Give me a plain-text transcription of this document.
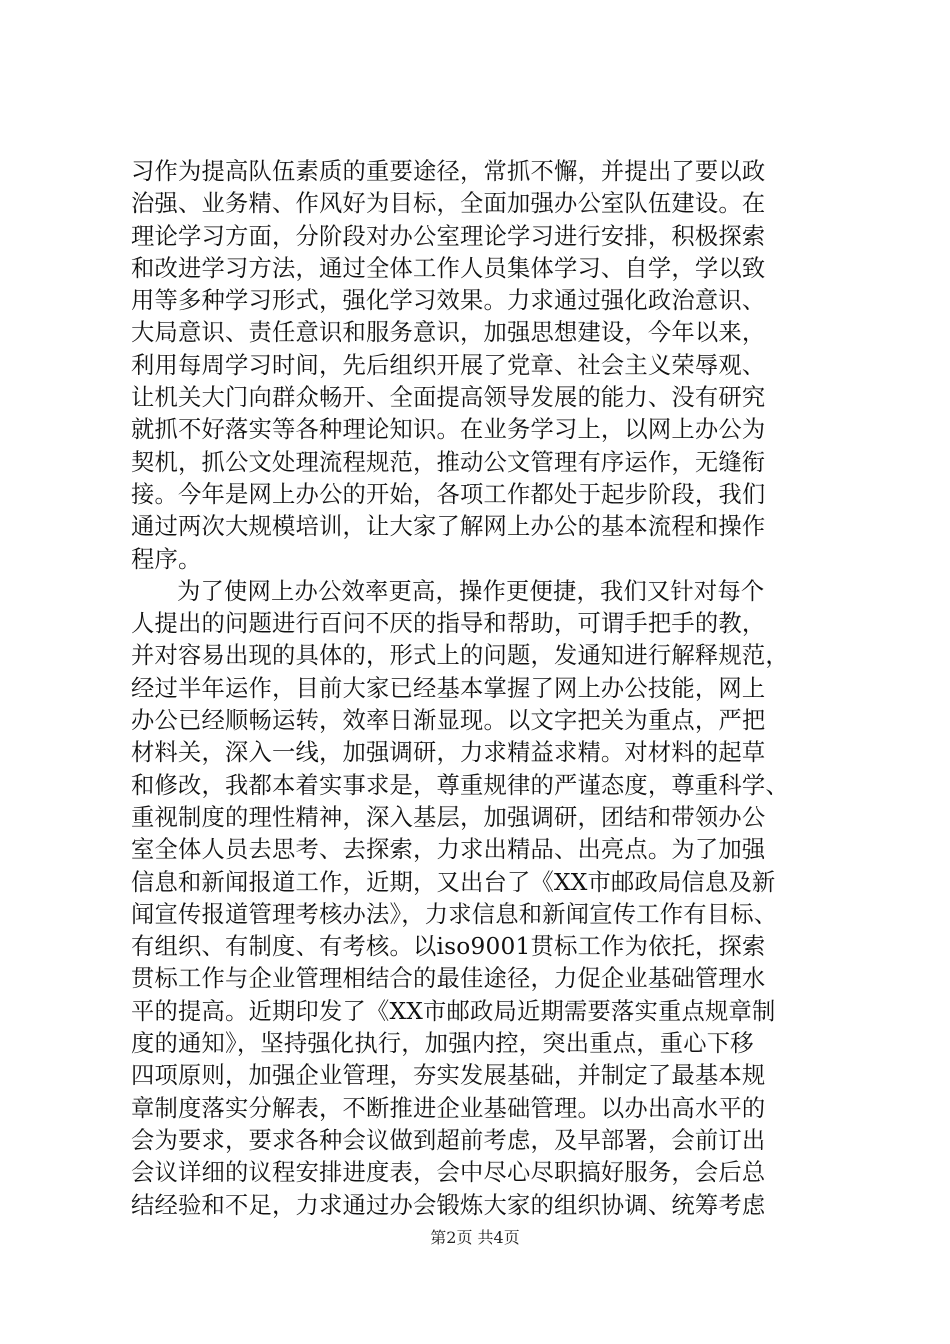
习作为提高队伍素质的重要途径，常抓不懈，并提出了要以政
治强、业务精、作风好为目标，全面加强办公室队伍建设。在
理论学习方面，分阶段对办公室理论学习进行安排，积极探索
和改进学习方法，通过全体工作人员集体学习、自学，学以致
用等多种学习形式，强化学习效果。力求通过强化政治意识、
大局意识、责任意识和服务意识，加强思想建设，今年以来，
利用每周学习时间，先后组织开展了党章、社会主义荣辱观、
让机关大门向群众畅开、全面提高领导发展的能力、没有研究
就抓不好落实等各种理论知识。在业务学习上，以网上办公为
契机，抓公文处理流程规范，推动公文管理有序运作，无缝衔
接。今年是网上办公的开始，各项工作都处于起步阶段，我们
通过两次大规模培训，让大家了解网上办公的基本流程和操作
程序。
为了使网上办公效率更高，操作更便捷，我们又针对每个
人提出的问题进行百问不厌的指导和帮助，可谓手把手的教，
并对容易出现的具体的，形式上的问题，发通知进行解释规范，
经过半年运作，目前大家已经基本掌握了网上办公技能，网上
办公已经顺畅运转，效率日渐显现。以文字把关为重点，严把
材料关，深入一线，加强调研，力求精益求精。对材料的起草
和修改，我都本着实事求是，尊重规律的严谨态度，尊重科学、
重视制度的理性精神，深入基层，加强调研，团结和带领办公
室全体人员去思考、去探索，力求出精品、出亮点。为了加强
信息和新闻报道工作，近期，又出台了《XX市邮政局信息及新
闻宣传报道管理考核办法》，力求信息和新闻宣传工作有目标、
有组织、有制度、有考核。以iso9001贯标工作为依托，探索
贯标工作与企业管理相结合的最佳途径，力促企业基础管理水
平的提高。近期印发了《XX市邮政局近期需要落实重点规章制
度的通知》，坚持强化执行，加强内控，突出重点，重心下移
四项原则，加强企业管理，夯实发展基础，并制定了最基本规
章制度落实分解表，不断推进企业基础管理。以办出高水平的
会为要求，要求各种会议做到超前考虑，及早部署，会前订出
会议详细的议程安排进度表，会中尽心尽职搞好服务，会后总
结经验和不足，力求通过办会锻炼大家的组织协调、统筹考虑
第2页 共4页
